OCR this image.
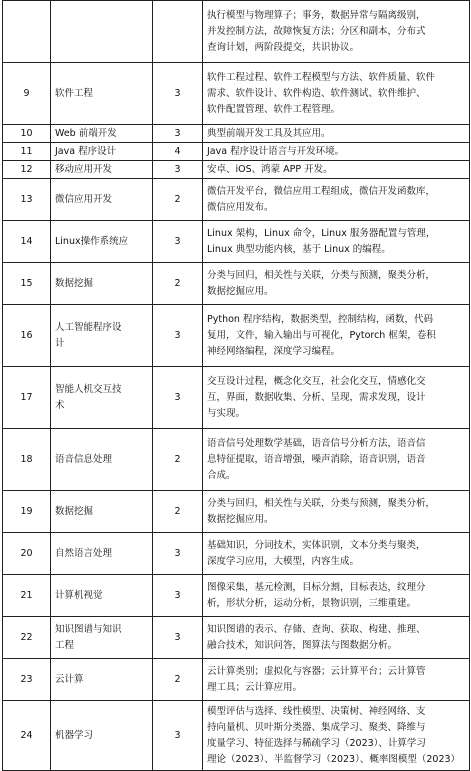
			执行模型与物理算子；事务，数据异常与隔离级别，
并发控制方法，故障恢复方法；分区和副本，分布式
查询计划，两阶段提交，共识协议。
9	软件工程	3	软件工程过程、软件工程模型与方法、软件质量、软件
需求、软件设计、软件构造、软件测试、软件维护、
软件配置管理、软件工程管理。
10	Web 前端开发	3	典型前端开发工具及其应用。
11	Java 程序设计	4	Java 程序设计语言与开发环境。
12	移动应用开发	3	安卓、iOS、鸿蒙 APP 开发。
13	微信应用开发	2	微信开发平台，微信应用工程组成，微信开发函数库，
微信应用发布。
14	Linux操作系统应	3	Linux 架构，Linux 命令，Linux 服务器配置与管理，
Linux 典型功能内核，基于 Linux 的编程。
15	数据挖掘	2	分类与回归，相关性与关联，分类与预测，聚类分析，
数据挖掘应用。
16	人工智能程序设
计	3	Python 程序结构，数据类型，控制结构，函数，代码
复用，文件，输入输出与可视化，Pytorch 框架，卷积
神经网络编程，深度学习编程。
17	智能人机交互技
术	3	交互设计过程，概念化交互，社会化交互，情感化交
互，界面，数据收集、分析、呈现，需求发现，设计
与实现。
18	语音信息处理	2	语音信号处理数学基础，语音信号分析方法，语音信
息特征提取，语音增强，噪声消除，语音识别，语音
合成。
19	数据挖掘	2	分类与回归，相关性与关联，分类与预测，聚类分析，
数据挖掘应用。
20	自然语言处理	3	基础知识，分词技术，实体识别，文本分类与聚类，
深度学习应用，大模型，内容生成。
21	计算机视觉	3	图像采集，基元检测，目标分割，目标表达，纹理分
析，形状分析，运动分析，景物识别，三维重建。
22	知识图谱与知识
工程	3	知识图谱的表示、存储、查询、获取、构建、推理、
融合技术，知识问答，图算法与图数据分析。
23	云计算	2	云计算类别；虚拟化与容器；云计算平台；云计算管
理工具；云计算应用。
24	机器学习	3	模型评估与选择、线性模型、决策树、神经网络、支
持向量机、贝叶斯分类器、集成学习、聚类、降维与
度量学习、特征选择与稀疏学习（2023）、计算学习
理论（2023）、半监督学习（2023）、概率图模型（2023）
